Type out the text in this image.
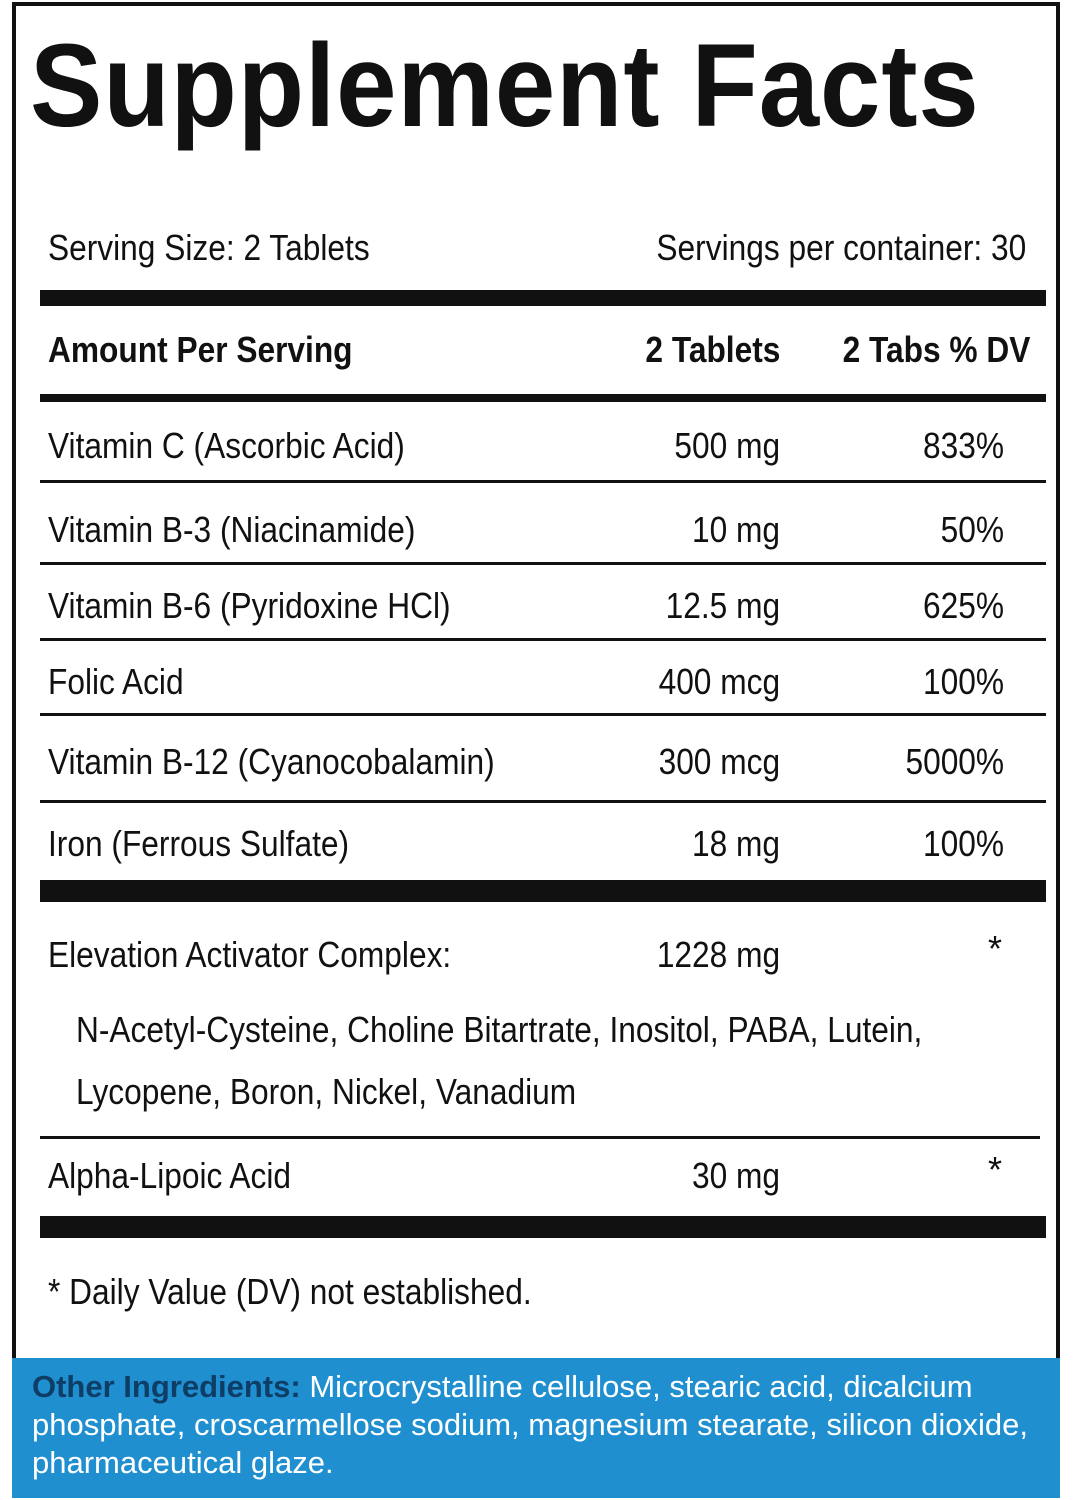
Supplement Facts
Serving Size: 2 Tablets	Servings per container: 30
Amount Per Serving	2 Tablets	2 Tabs % DV
Vitamin C (Ascorbic Acid)	500 mg	833%
Vitamin B-3 (Niacinamide)	10 mg	50%
Vitamin B-6 (Pyridoxine HCl)	12.5 mg	625%
Folic Acid	400 mcg	100%
Vitamin B-12 (Cyanocobalamin)	300 mcg	5000%
Iron (Ferrous Sulfate)	18 mg	100%
Elevation Activator Complex:	1228 mg	*
N-Acetyl-Cysteine, Choline Bitartrate, Inositol, PABA, Lutein,
Lycopene, Boron, Nickel, Vanadium
Alpha-Lipoic Acid	30 mg	*
* Daily Value (DV) not established.
Other Ingredients: Microcrystalline cellulose, stearic acid, dicalcium phosphate, croscarmellose sodium, magnesium stearate, silicon dioxide, pharmaceutical glaze.
